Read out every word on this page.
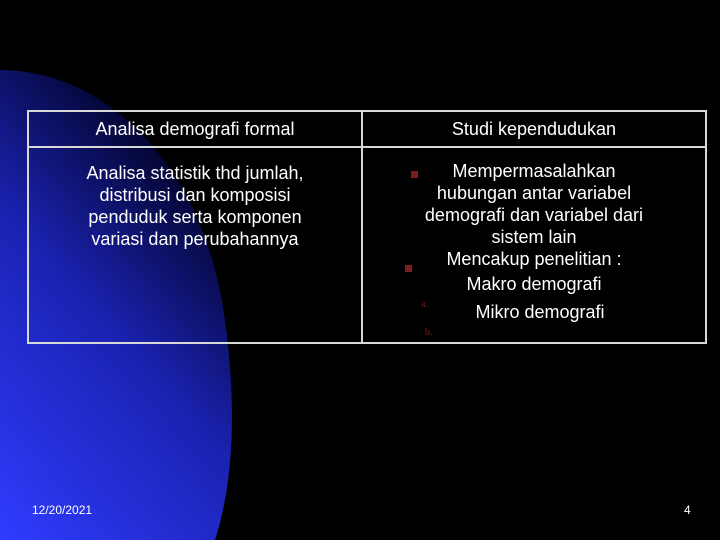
Analisa demografi formal	Studi kependudukan
Analisa statistik thd jumlah,
distribusi dan komposisi
penduduk serta komponen
variasi dan perubahannya
Mempermasalahkan
hubungan antar variabel
demografi dan variabel dari
sistem lain
Mencakup penelitian :
a.
Makro demografi
b.
Mikro demografi
12/20/2021	4
